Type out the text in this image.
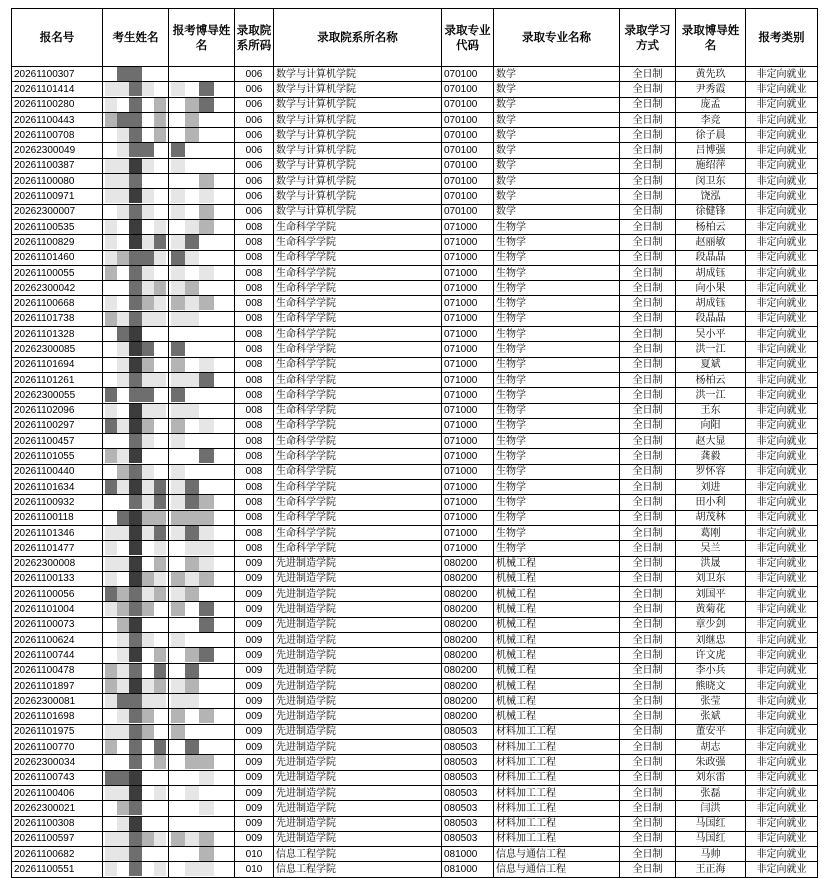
报名号	考生姓名	报考博导姓名	录取院系所码	录取院系所名称	录取专业代码	录取专业名称	录取学习方式	录取博导姓名	报考类别
20261100307			006	数学与计算机学院	070100	数学	全日制	黄先玖	非定向就业
20261101414			006	数学与计算机学院	070100	数学	全日制	尹秀霞	非定向就业
20261100280			006	数学与计算机学院	070100	数学	全日制	庞孟	非定向就业
20261100443			006	数学与计算机学院	070100	数学	全日制	李竞	非定向就业
20261100708			006	数学与计算机学院	070100	数学	全日制	徐子晨	非定向就业
20262300049			006	数学与计算机学院	070100	数学	全日制	吕博强	非定向就业
20261100387			006	数学与计算机学院	070100	数学	全日制	施绍萍	非定向就业
20261100080			006	数学与计算机学院	070100	数学	全日制	闵卫东	非定向就业
20261100971			006	数学与计算机学院	070100	数学	全日制	饶泓	非定向就业
20262300007			006	数学与计算机学院	070100	数学	全日制	徐健锋	非定向就业
20261100535			008	生命科学学院	071000	生物学	全日制	杨柏云	非定向就业
20261100829			008	生命科学学院	071000	生物学	全日制	赵丽敏	非定向就业
20261101460			008	生命科学学院	071000	生物学	全日制	段晶晶	非定向就业
20261100055			008	生命科学学院	071000	生物学	全日制	胡成钰	非定向就业
20262300042			008	生命科学学院	071000	生物学	全日制	向小果	非定向就业
20261100668			008	生命科学学院	071000	生物学	全日制	胡成钰	非定向就业
20261101738			008	生命科学学院	071000	生物学	全日制	段晶晶	非定向就业
20261101328			008	生命科学学院	071000	生物学	全日制	吴小平	非定向就业
20262300085			008	生命科学学院	071000	生物学	全日制	洪一江	非定向就业
20261101694			008	生命科学学院	071000	生物学	全日制	夏斌	非定向就业
20261101261			008	生命科学学院	071000	生物学	全日制	杨柏云	非定向就业
20262300055			008	生命科学学院	071000	生物学	全日制	洪一江	非定向就业
20261102096			008	生命科学学院	071000	生物学	全日制	王东	非定向就业
20261100297			008	生命科学学院	071000	生物学	全日制	向阳	非定向就业
20261100457			008	生命科学学院	071000	生物学	全日制	赵大显	非定向就业
20261101055			008	生命科学学院	071000	生物学	全日制	龚毅	非定向就业
20261100440			008	生命科学学院	071000	生物学	全日制	罗怀容	非定向就业
20261101634			008	生命科学学院	071000	生物学	全日制	刘进	非定向就业
20261100932			008	生命科学学院	071000	生物学	全日制	田小利	非定向就业
20261100118			008	生命科学学院	071000	生物学	全日制	胡茂林	非定向就业
20261101346			008	生命科学学院	071000	生物学	全日制	葛刚	非定向就业
20261101477			008	生命科学学院	071000	生物学	全日制	吴兰	非定向就业
20262300008			009	先进制造学院	080200	机械工程	全日制	洪晟	非定向就业
20261100133			009	先进制造学院	080200	机械工程	全日制	刘卫东	非定向就业
20261100056			009	先进制造学院	080200	机械工程	全日制	刘国平	非定向就业
20261101004			009	先进制造学院	080200	机械工程	全日制	黄菊花	非定向就业
20261100073			009	先进制造学院	080200	机械工程	全日制	章少剑	非定向就业
20261100624			009	先进制造学院	080200	机械工程	全日制	刘继忠	非定向就业
20261100744			009	先进制造学院	080200	机械工程	全日制	许文虎	非定向就业
20261100478			009	先进制造学院	080200	机械工程	全日制	李小兵	非定向就业
20261101897			009	先进制造学院	080200	机械工程	全日制	熊晓文	非定向就业
20262300081			009	先进制造学院	080200	机械工程	全日制	张莹	非定向就业
20261101698			009	先进制造学院	080200	机械工程	全日制	张斌	非定向就业
20261101975			009	先进制造学院	080503	材料加工工程	全日制	董安平	非定向就业
20261100770			009	先进制造学院	080503	材料加工工程	全日制	胡志	非定向就业
20262300034			009	先进制造学院	080503	材料加工工程	全日制	朱政强	非定向就业
20261100743			009	先进制造学院	080503	材料加工工程	全日制	刘东雷	非定向就业
20261100406			009	先进制造学院	080503	材料加工工程	全日制	张磊	非定向就业
20262300021			009	先进制造学院	080503	材料加工工程	全日制	闫洪	非定向就业
20261100308			009	先进制造学院	080503	材料加工工程	全日制	马国红	非定向就业
20261100597			009	先进制造学院	080503	材料加工工程	全日制	马国红	非定向就业
20261100682			010	信息工程学院	081000	信息与通信工程	全日制	马帅	非定向就业
20261100551			010	信息工程学院	081000	信息与通信工程	全日制	王正海	非定向就业
